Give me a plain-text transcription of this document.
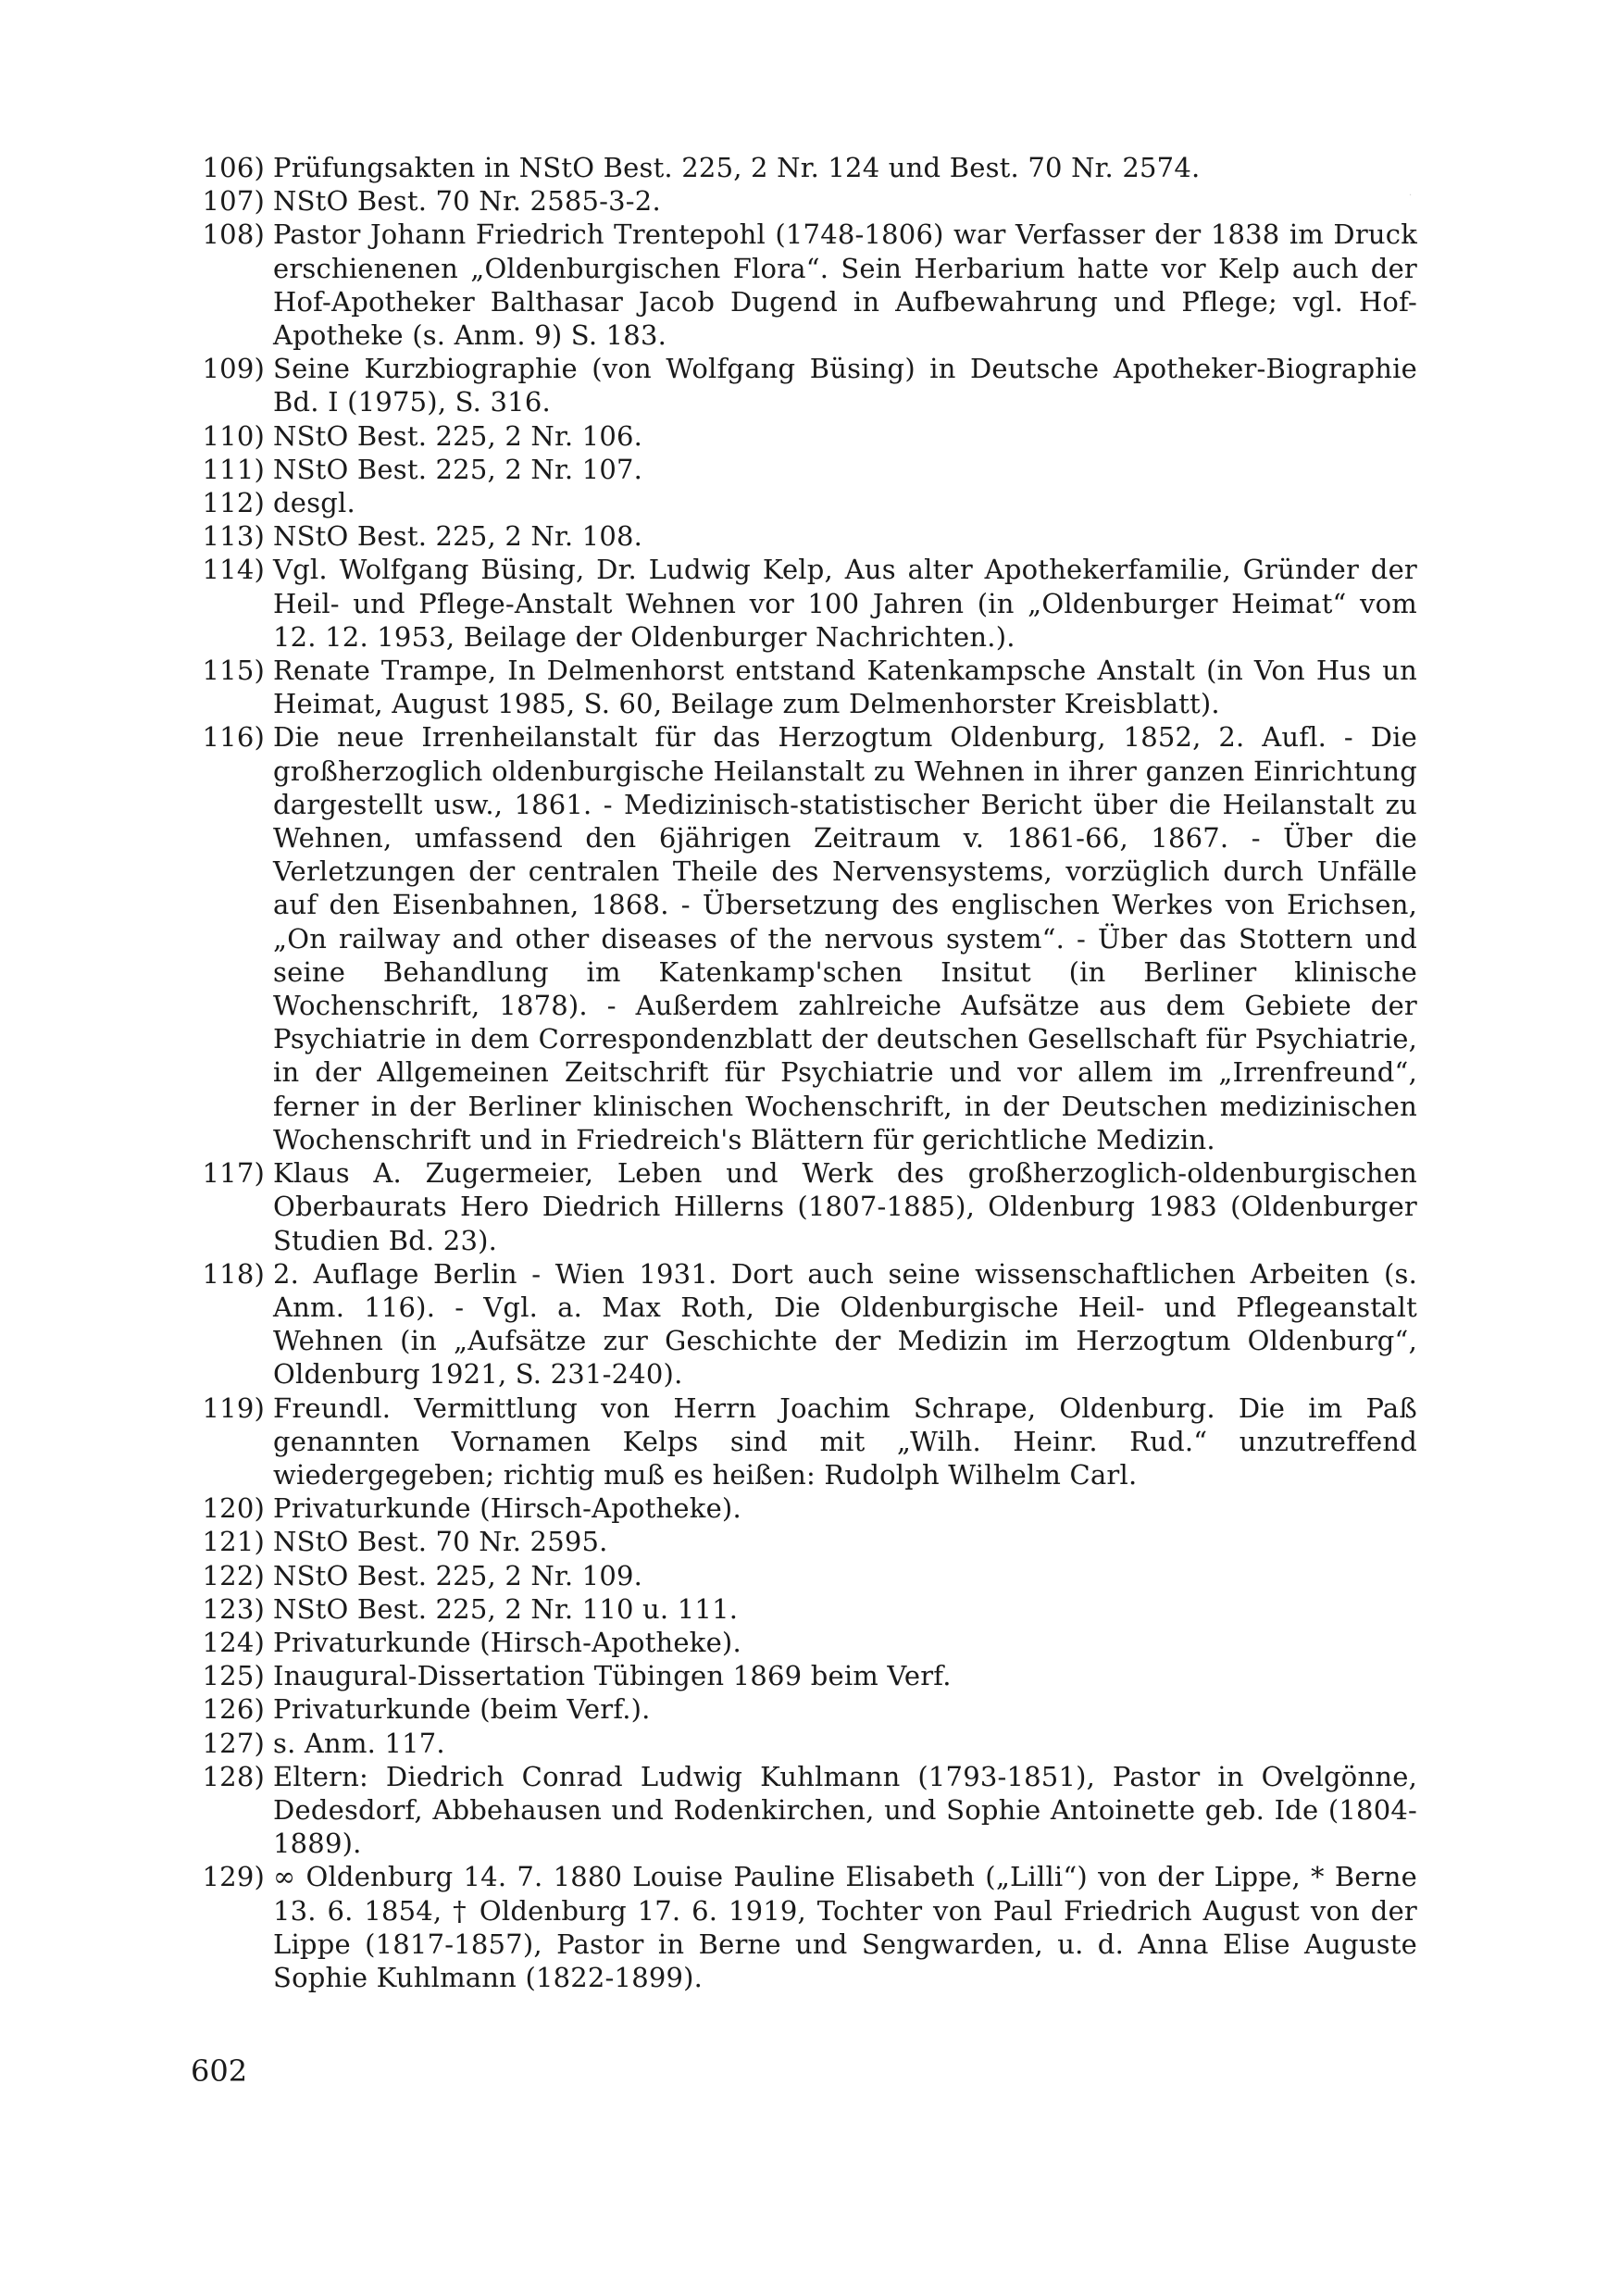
·
106) Prüfungsakten in NStO Best. 225, 2 Nr. 124 und Best. 70 Nr. 2574.
107) NStO Best. 70 Nr. 2585-3-2.
108) Pastor Johann Friedrich Trentepohl (1748-1806) war Verfasser der 1838 im Druck erschienenen „Oldenburgischen Flora“. Sein Herbarium hatte vor Kelp auch der Hof-Apotheker Balthasar Jacob Dugend in Aufbewahrung und Pflege; vgl. Hof-Apotheke (s. Anm. 9) S. 183.
109) Seine Kurzbiographie (von Wolfgang Büsing) in Deutsche Apotheker-Biographie Bd. I (1975), S. 316.
110) NStO Best. 225, 2 Nr. 106.
111) NStO Best. 225, 2 Nr. 107.
112) desgl.
113) NStO Best. 225, 2 Nr. 108.
114) Vgl. Wolfgang Büsing, Dr. Ludwig Kelp, Aus alter Apothekerfamilie, Gründer der Heil- und Pflege-Anstalt Wehnen vor 100 Jahren (in „Oldenburger Heimat“ vom 12. 12. 1953, Beilage der Oldenburger Nachrichten.).
115) Renate Trampe, In Delmenhorst entstand Katenkampsche Anstalt (in Von Hus un Heimat, August 1985, S. 60, Beilage zum Delmenhorster Kreisblatt).
116) Die neue Irrenheilanstalt für das Herzogtum Oldenburg, 1852, 2. Aufl. - Die großherzoglich oldenburgische Heilanstalt zu Wehnen in ihrer ganzen Einrichtung dargestellt usw., 1861. - Medizinisch-statistischer Bericht über die Heilanstalt zu Wehnen, umfassend den 6jährigen Zeitraum v. 1861-66, 1867. - Über die Verletzungen der centralen Theile des Nervensystems, vorzüglich durch Unfälle auf den Eisenbahnen, 1868. - Übersetzung des englischen Werkes von Erichsen, „On railway and other diseases of the nervous system“. - Über das Stottern und seine Behandlung im Katenkamp'schen Insitut (in Berliner klinische Wochenschrift, 1878). - Außerdem zahlreiche Aufsätze aus dem Gebiete der Psychiatrie in dem Correspondenzblatt der deutschen Gesellschaft für Psychiatrie, in der Allgemeinen Zeitschrift für Psychiatrie und vor allem im „Irrenfreund“, ferner in der Berliner klinischen Wochenschrift, in der Deutschen medizinischen Wochenschrift und in Friedreich's Blättern für gerichtliche Medizin.
117) Klaus A. Zugermeier, Leben und Werk des großherzoglich-oldenburgischen Oberbaurats Hero Diedrich Hillerns (1807-1885), Oldenburg 1983 (Oldenburger Studien Bd. 23).
118) 2. Auflage Berlin - Wien 1931. Dort auch seine wissenschaftlichen Arbeiten (s. Anm. 116). - Vgl. a. Max Roth, Die Oldenburgische Heil- und Pflegeanstalt Wehnen (in „Aufsätze zur Geschichte der Medizin im Herzogtum Oldenburg“, Oldenburg 1921, S. 231-240).
119) Freundl. Vermittlung von Herrn Joachim Schrape, Oldenburg. Die im Paß genannten Vornamen Kelps sind mit „Wilh. Heinr. Rud.“ unzutreffend wiedergegeben; richtig muß es heißen: Rudolph Wilhelm Carl.
120) Privaturkunde (Hirsch-Apotheke).
121) NStO Best. 70 Nr. 2595.
122) NStO Best. 225, 2 Nr. 109.
123) NStO Best. 225, 2 Nr. 110 u. 111.
124) Privaturkunde (Hirsch-Apotheke).
125) Inaugural-Dissertation Tübingen 1869 beim Verf.
126) Privaturkunde (beim Verf.).
127) s. Anm. 117.
128) Eltern: Diedrich Conrad Ludwig Kuhlmann (1793-1851), Pastor in Ovelgönne, Dedesdorf, Abbehausen und Rodenkirchen, und Sophie Antoinette geb. Ide (1804-1889).
129) ∞ Oldenburg 14. 7. 1880 Louise Pauline Elisabeth („Lilli“) von der Lippe, * Berne 13. 6. 1854, † Oldenburg 17. 6. 1919, Tochter von Paul Friedrich August von der Lippe (1817-1857), Pastor in Berne und Sengwarden, u. d. Anna Elise Auguste Sophie Kuhlmann (1822-1899).
602
